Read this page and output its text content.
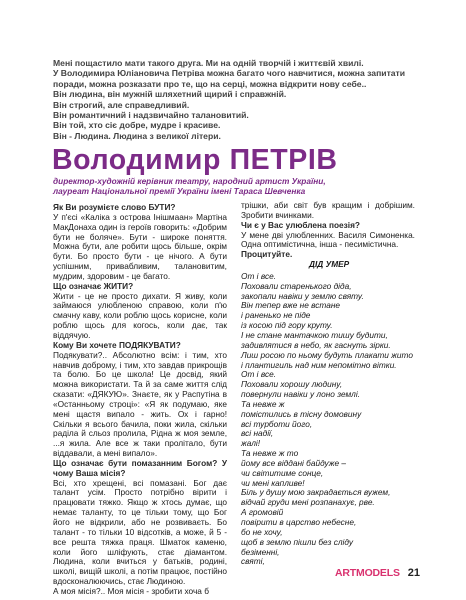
Мені пощастило мати такого друга. Ми на одній творчій і життєвій хвилі.

У Володимира Юліановича Петріва можна багато чого навчитися, можна запитати поради, можна розказати про те, що на серці, можна відкрити нову себе..

Він людина, він мужній шляхетний щирий і справжній.

Він строгий, але справедливий.

Він романтичний і надзвичайно талановитий.

Він той, хто сіє добре, мудре і красиве.

Він - Людина. Людина з великої літери.

Володимир ПЕТРІВ

директор-художній керівник театру, народний артист України,

лауреат Національної премії України імені Тараса Шевченка

Як Ви розумієте слово БУТИ?

У п'єсі «Каліка з острова Інішмаан» Мартіна МакДонаха один із героїв говорить: «Добрим бути не боляче». Бути - широке поняття. Можна бути, але робити щось більше, окрім бути. Бо просто бути - це нічого. А бути успішним, привабливим, талановитим, мудрим, здоровим - це багато.

Що означає ЖИТИ?

Жити - це не просто дихати. Я живу, коли займаюся улюбленою справою, коли п'ю смачну каву, коли роблю щось корисне, коли роблю щось для когось, коли дає, так віддячую.

Кому Ви хочете ПОДЯКУВАТИ?

Подякувати?.. Абсолютно всім: і тим, хто навчив доброму, і тим, хто завдав прикрощів та болю. Бо це школа! Це досвід, який можна використати. Та й за саме життя слід сказати: «ДЯКУЮ». Знаєте, як у Распутіна в «Останньому строці»: «Я як подумаю, яке мені щастя випало - жить. Ох і гарно! Скільки я всього бачила, поки жила, скільки раділа й сльоз пролила, Рідна ж моя земле, ...я жила. Але все ж таки пролітало, бути віддавали, а мені випало».

Що означає бути помазанним Богом? У чому Ваша місія?

Всі, хто хрещені, всі помазані. Бог дає талант усім. Просто потрібно вірити і працювати тяжко. Якщо ж хтось думає, що немає таланту, то це тільки тому, що Бог його не відкрили, або не розвиваєть. Бо талант - то тільки 10 відсотків, а може, й 5 - все решта тяжка праця. Шматок каменю, коли його шліфують, стає діамантом. Людина, коли вчиться у батьків, родині, школі, вищій школі, а потім працює, постійно вдосконалюючись, стає Людиною.

А моя місія?.. Моя місія - зробити хоча б

трішки, аби світ був кращим і добрішим. Зробити вчинками.

Чи є у Вас улюблена поезія?

У мене дві улюбленних. Василя Симоненка. Одна оптимістична, інша - песимістична.

Процитуйте.

ДІД УМЕР

От і все.
Поховали старенького діда,
закопали навіки у землю святу.
Він тепер вже не встане
і раненько не піде
із косою під гору круту.
І не стане мантачкою тишу будити,
задивлятися в небо, як гаснуть зірки.
Лиш росою по ньому будуть плакати жито
і плантигиль над ним непомітно вітки.
От і все.
Поховали хорошу людину,
повернули навіки у лоно землі.
Та невже ж
помістились в тісну домовину
всі турботи його,
всі надії,
жалі!
Та невже ж то
йому все віддані байдуже –
чи світитиме сонце,
чи мені капливе!
Біль у душу мою закрадається вужем,
відчай груди мені розпанахує, рве.
А громовій
повірити в царство небесне,
бо не хочу,
щоб в землю пішли без сліду
безіменні,
святі,

ARTMODELS 21
